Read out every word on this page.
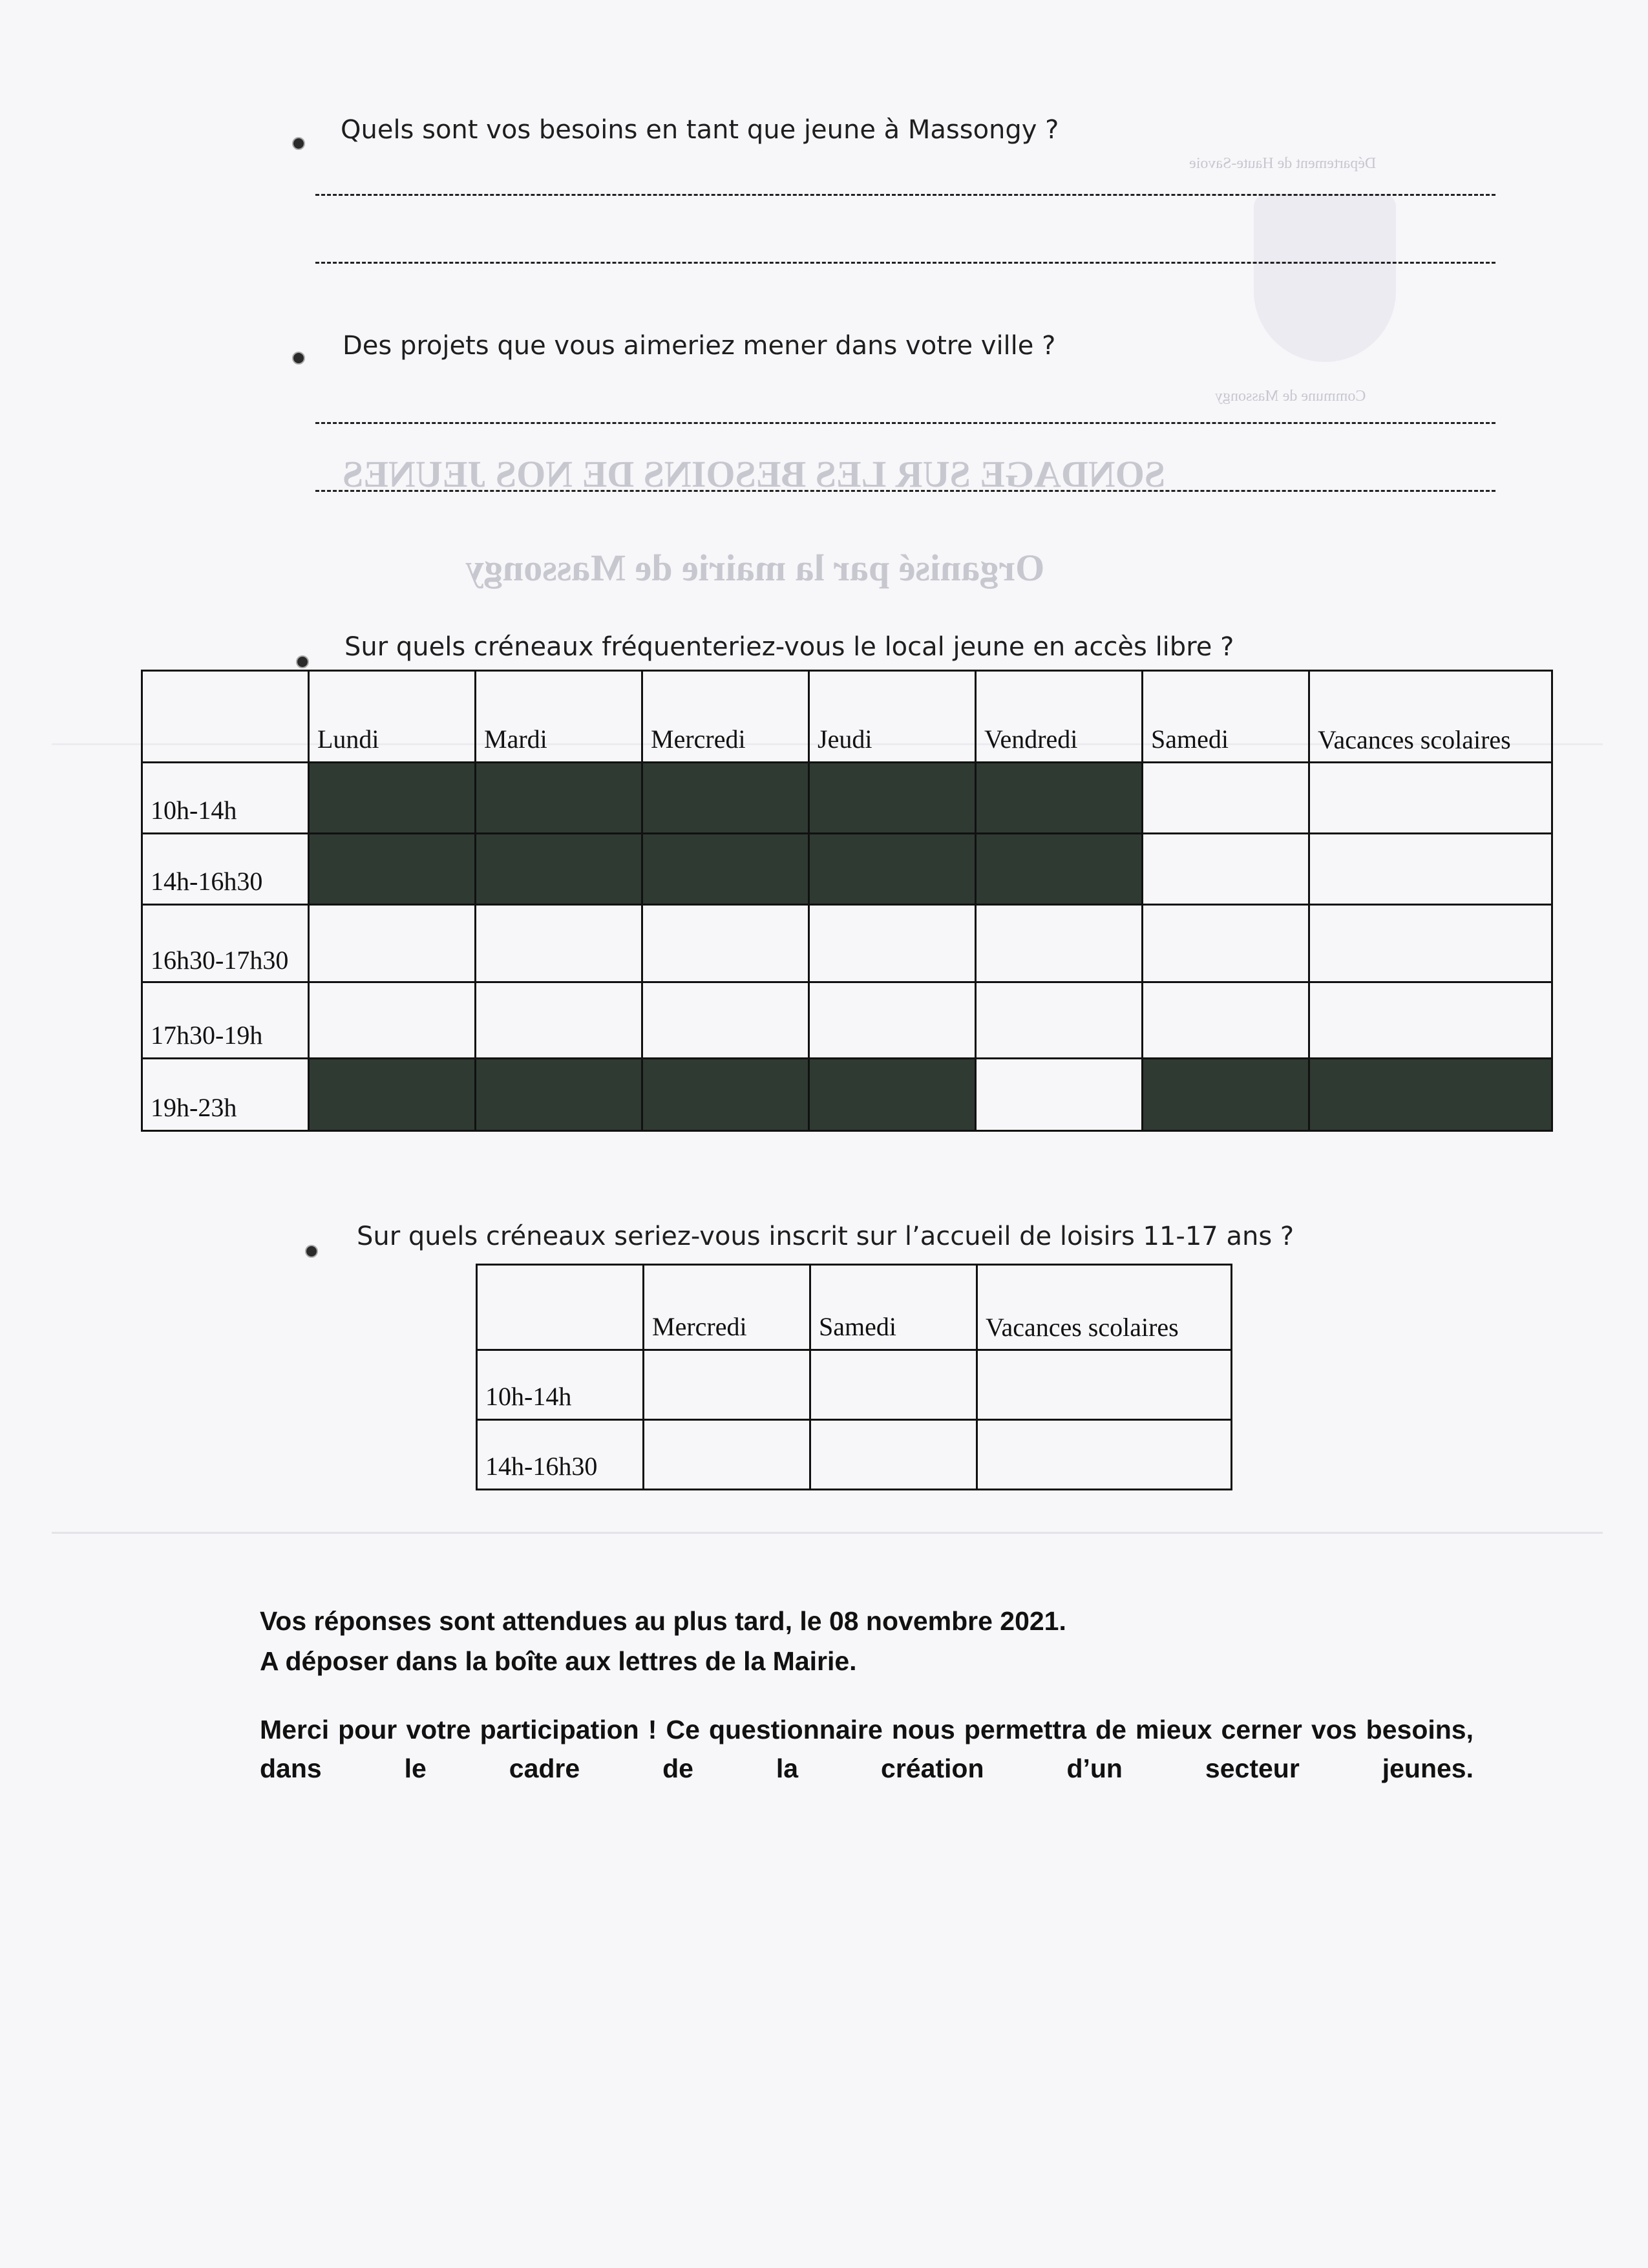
Département de Haute-Savoie
Commune de Massongy
SONDAGE SUR LES BESOINS DE NOS JEUNES
Organisé par la mairie de Massongy
Quels sont vos besoins en tant que jeune à Massongy ?
Des projets que vous aimeriez mener dans votre ville ?
Sur quels créneaux fréquenteriez-vous le local jeune en accès libre ?
	Lundi	Mardi	Mercredi	Jeudi	Vendredi	Samedi	Vacances scolaires
10h-14h							
14h-16h30							
16h30-17h30							
17h30-19h							
19h-23h							
Sur quels créneaux seriez-vous inscrit sur l’accueil de loisirs 11-17 ans ?
	Mercredi	Samedi	Vacances scolaires
10h-14h			
14h-16h30			
Vos réponses sont attendues au plus tard, le 08 novembre 2021.
A déposer dans la boîte aux lettres de la Mairie.
Merci pour votre participation ! Ce questionnaire nous permettra de mieux cerner vos besoins, dans le cadre de la création d’un secteur jeunes.
